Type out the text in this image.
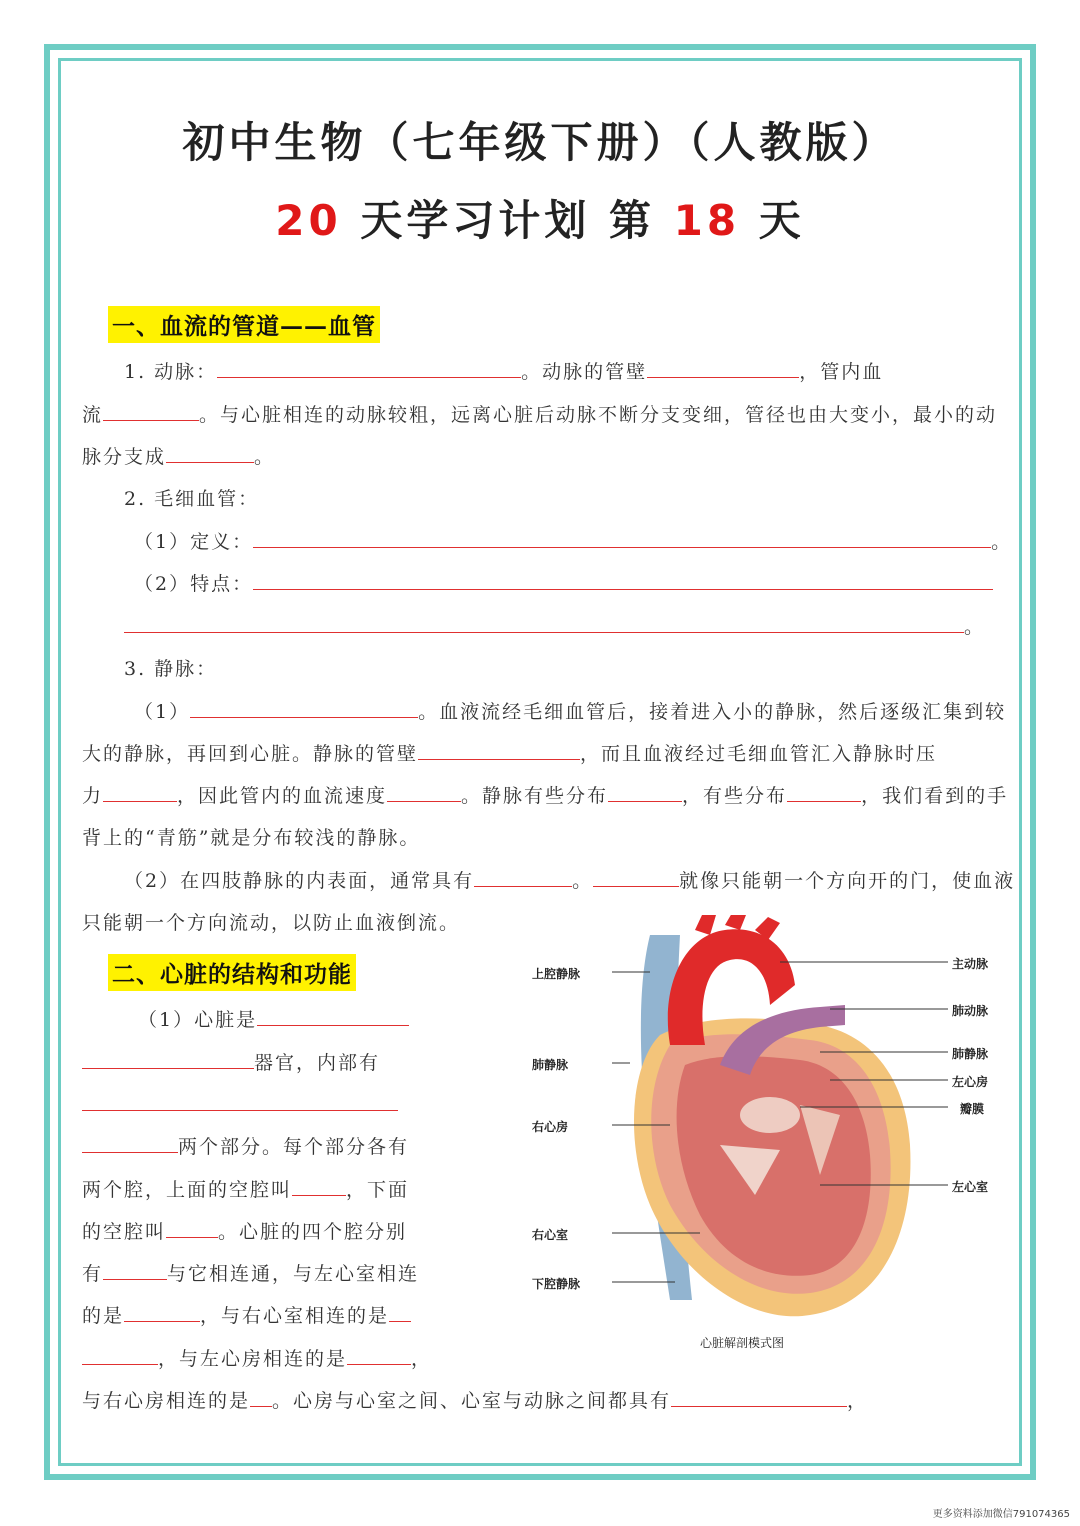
初中生物（七年级下册）（人教版）
20 天学习计划 第 18 天
一、血流的管道——血管
1. 动脉：	。动脉的管壁	，管内血
流	。与心脏相连的动脉较粗，远离心脏后动脉不断分支变细，管径也由大变小，最小的动
脉分支成	。
2. 毛细血管：
（1）定义：	。
（2）特点：
。
3. 静脉：
（1）	。血液流经毛细血管后，接着进入小的静脉，然后逐级汇集到较
大的静脉，再回到心脏。静脉的管壁	，而且血液经过毛细血管汇入静脉时压
力	，因此管内的血流速度	。静脉有些分布	，有些分布	，我们看到的手
背上的“青筋”就是分布较浅的静脉。
（2）在四肢静脉的内表面，通常具有	。	就像只能朝一个方向开的门，使血液
只能朝一个方向流动，以防止血液倒流。
二、心脏的结构和功能
（1）心脏是
器官，内部有
两个部分。每个部分各有
两个腔，上面的空腔叫	，下面
的空腔叫	。心脏的四个腔分别
有	与它相连通，与左心室相连
的是	，与右心室相连的是
，与左心房相连的是	，
与右心房相连的是 。心房与心室之间、心室与动脉之间都具有	，
上腔静脉
肺静脉
右心房
右心室
下腔静脉
主动脉
肺动脉
肺静脉
左心房
瓣膜
左心室
心脏解剖模式图
更多资料添加微信791074365
